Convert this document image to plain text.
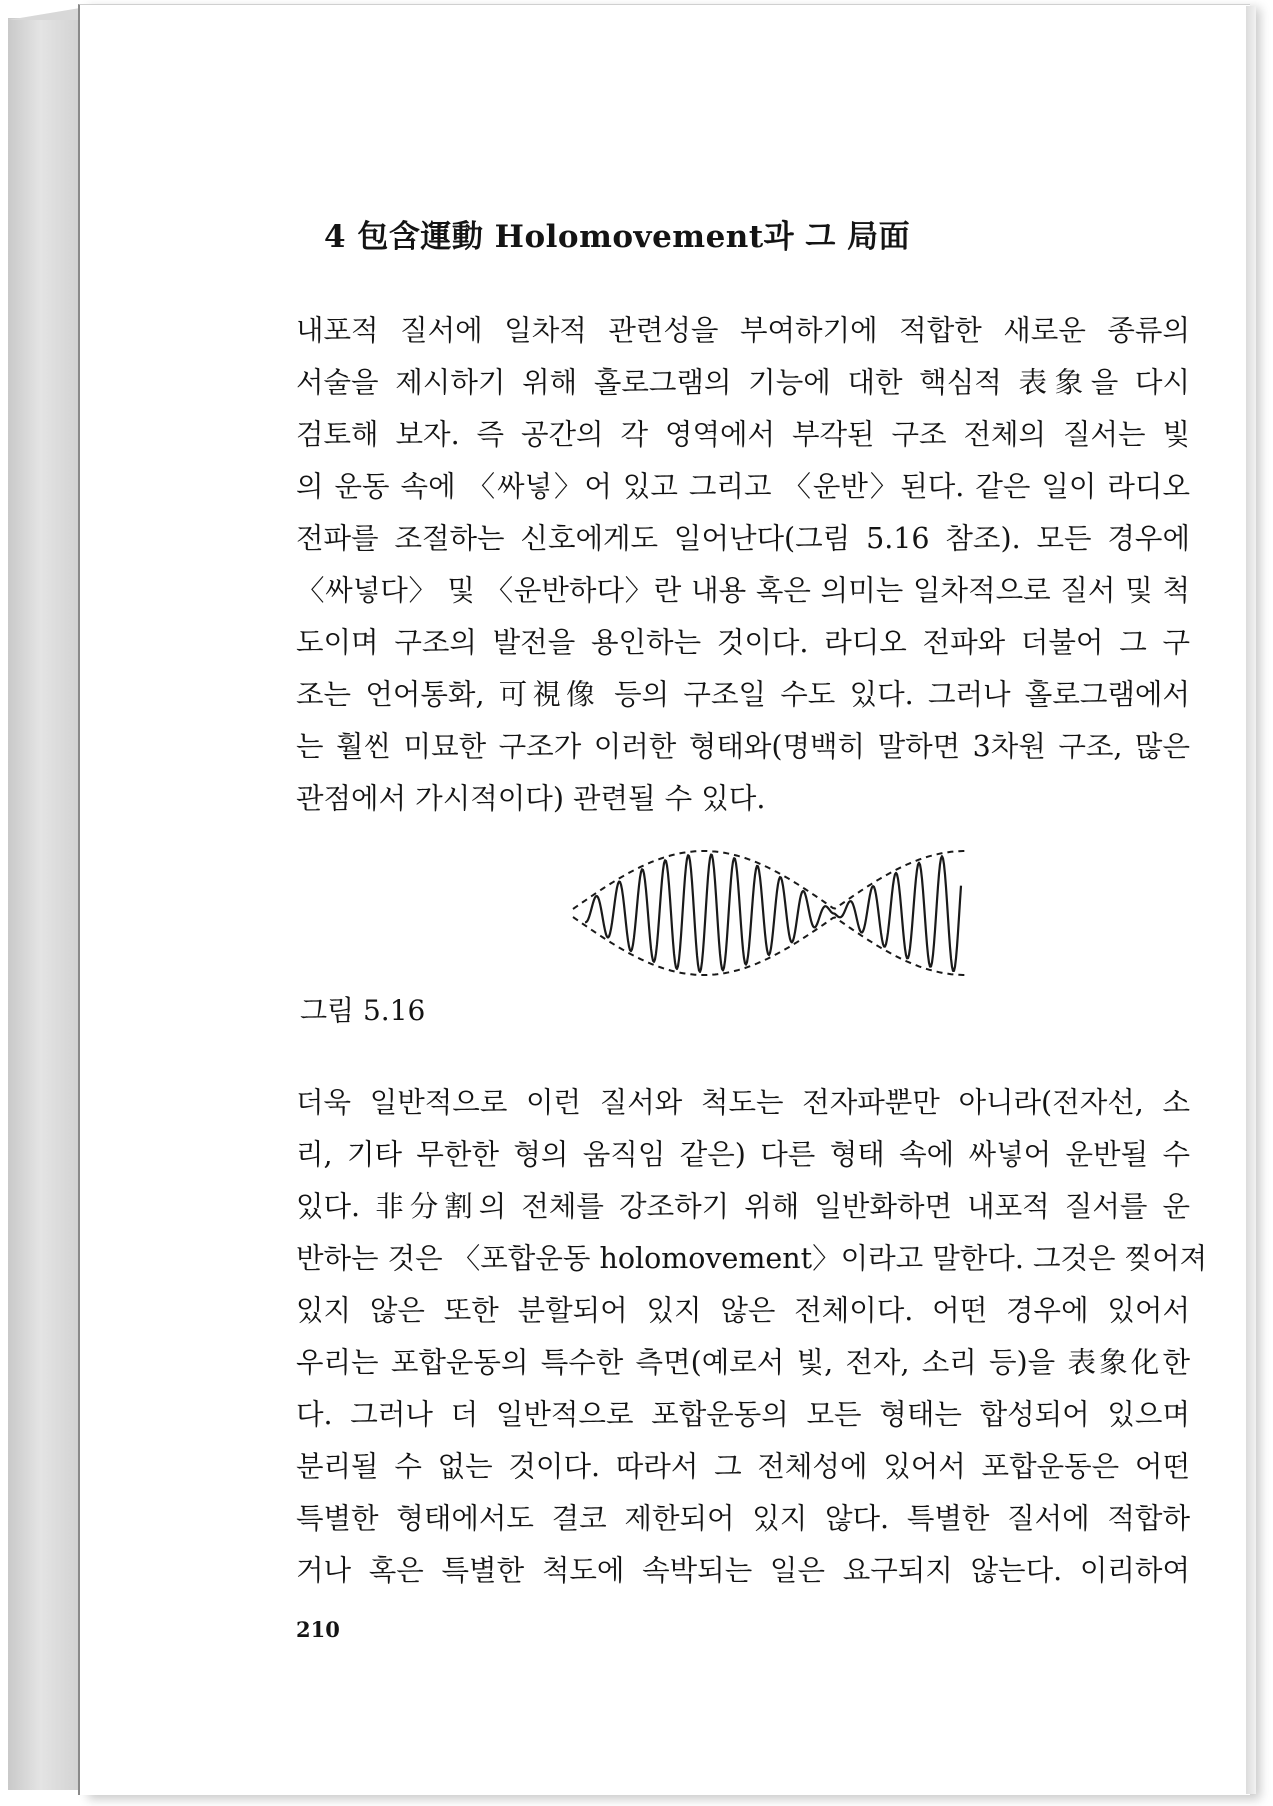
4 包含運動 Holomovement과 그 局面
내포적 질서에 일차적 관련성을 부여하기에 적합한 새로운 종류의
서술을 제시하기 위해 홀로그램의 기능에 대한 핵심적 表象을 다시
검토해 보자. 즉 공간의 각 영역에서 부각된 구조 전체의 질서는 빛
의 운동 속에 〈싸넣〉어 있고 그리고 〈운반〉된다. 같은 일이 라디오
전파를 조절하는 신호에게도 일어난다(그림 5.16 참조). 모든 경우에
〈싸넣다〉 및 〈운반하다〉란 내용 혹은 의미는 일차적으로 질서 및 척
도이며 구조의 발전을 용인하는 것이다. 라디오 전파와 더불어 그 구
조는 언어통화, 可視像 등의 구조일 수도 있다. 그러나 홀로그램에서
는 훨씬 미묘한 구조가 이러한 형태와(명백히 말하면 3차원 구조, 많은
관점에서 가시적이다) 관련될 수 있다.

그림 5.16

더욱 일반적으로 이런 질서와 척도는 전자파뿐만 아니라(전자선, 소
리, 기타 무한한 형의 움직임 같은) 다른 형태 속에 싸넣어 운반될 수
있다. 非分割의 전체를 강조하기 위해 일반화하면 내포적 질서를 운
반하는 것은 〈포합운동 holomovement〉이라고 말한다. 그것은 찢어져
있지 않은 또한 분할되어 있지 않은 전체이다. 어떤 경우에 있어서
우리는 포합운동의 특수한 측면(예로서 빛, 전자, 소리 등)을 表象化한
다. 그러나 더 일반적으로 포합운동의 모든 형태는 합성되어 있으며
분리될 수 없는 것이다. 따라서 그 전체성에 있어서 포합운동은 어떤
특별한 형태에서도 결코 제한되어 있지 않다. 특별한 질서에 적합하
거나 혹은 특별한 척도에 속박되는 일은 요구되지 않는다. 이리하여

210
